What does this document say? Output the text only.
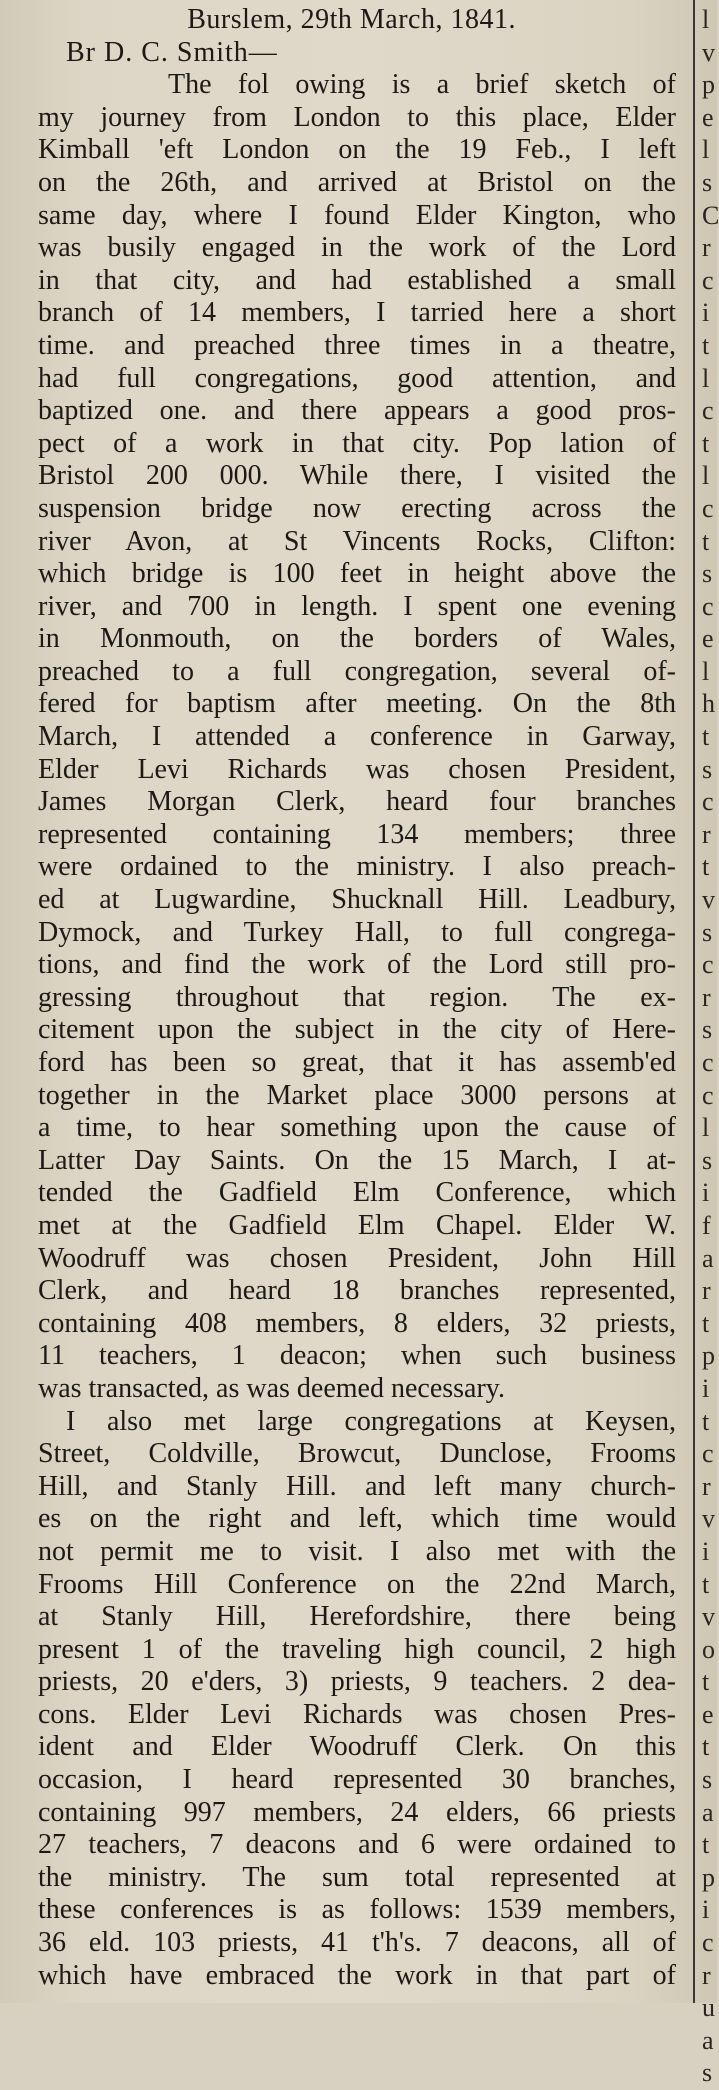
Burslem, 29th March, 1841.
Br D. C. Smith—
The fol owing is a brief sketch of
my journey from London to this place, Elder
Kimball 'eft London on the 19 Feb., I left
on the 26th, and arrived at Bristol on the
same day, where I found Elder Kington, who
was busily engaged in the work of the Lord
in that city, and had established a small
branch of 14 members, I tarried here a short
time. and preached three times in a theatre,
had full congregations, good attention, and
baptized one. and there appears a good pros-
pect of a work in that city. Pop lation of
Bristol 200 000. While there, I visited the
suspension bridge now erecting across the
river Avon, at St Vincents Rocks, Clifton:
which bridge is 100 feet in height above the
river, and 700 in length. I spent one evening
in Monmouth, on the borders of Wales,
preached to a full congregation, several of-
fered for baptism after meeting. On the 8th
March, I attended a conference in Garway,
Elder Levi Richards was chosen President,
James Morgan Clerk, heard four branches
represented containing 134 members; three
were ordained to the ministry. I also preach-
ed at Lugwardine, Shucknall Hill. Leadbury,
Dymock, and Turkey Hall, to full congrega-
tions, and find the work of the Lord still pro-
gressing throughout that region. The ex-
citement upon the subject in the city of Here-
ford has been so great, that it has assemb'ed
together in the Market place 3000 persons at
a time, to hear something upon the cause of
Latter Day Saints. On the 15 March, I at-
tended the Gadfield Elm Conference, which
met at the Gadfield Elm Chapel. Elder W.
Woodruff was chosen President, John Hill
Clerk, and heard 18 branches represented,
containing 408 members, 8 elders, 32 priests,
11 teachers, 1 deacon; when such business
was transacted, as was deemed necessary.
I also met large congregations at Keysen,
Street, Coldville, Browcut, Dunclose, Frooms
Hill, and Stanly Hill. and left many church-
es on the right and left, which time would
not permit me to visit. I also met with the
Frooms Hill Conference on the 22nd March,
at Stanly Hill, Herefordshire, there being
present 1 of the traveling high council, 2 high
priests, 20 e'ders, 3) priests, 9 teachers. 2 dea-
cons. Elder Levi Richards was chosen Pres-
ident and Elder Woodruff Clerk. On this
occasion, I heard represented 30 branches,
containing 997 members, 24 elders, 66 priests
27 teachers, 7 deacons and 6 were ordained to
the ministry. The sum total represented at
these conferences is as follows: 1539 members,
36 eld. 103 priests, 41 t'h's. 7 deacons, all of
which have embraced the work in that part of
l
v
p
e
l
s
C
r
c
i
t
l
c
t
l
c
t
s
c
e
l
h
t
s
c
r
t
v
s
c
r
s
c
c
l
s
i
f
a
r
t
p
i
t
c
r
v
i
t
v
o
t
e
t
s
a
t
p
i
c
r
u
a
s
